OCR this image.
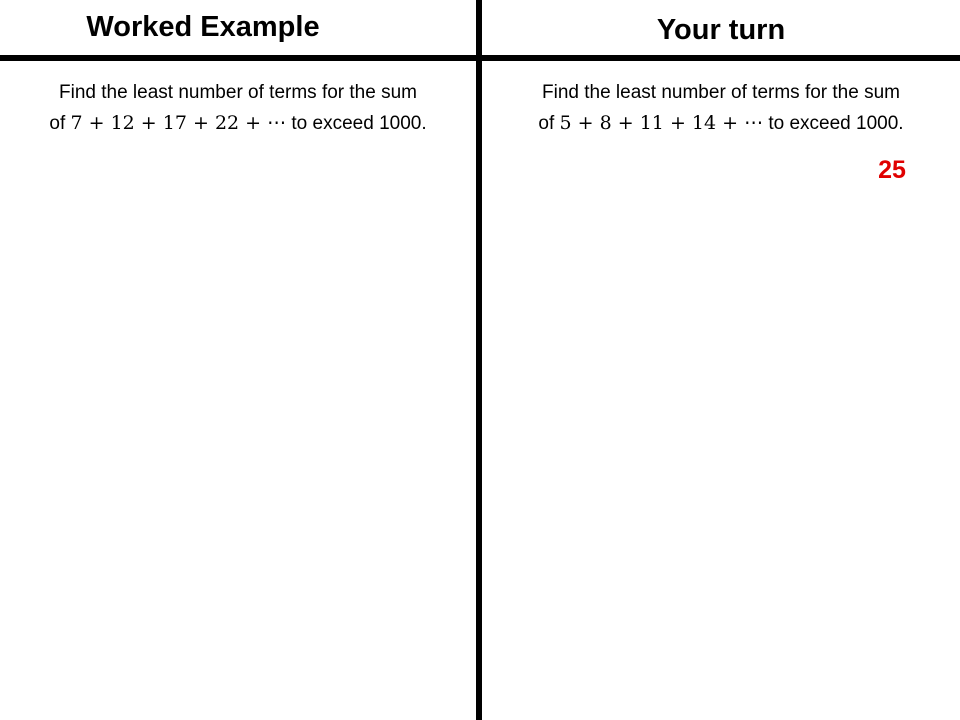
Worked Example	Your turn
Find the least number of terms for the sum
of 7 + 12 + 17 + 22 + ⋯ to exceed 1000.
Find the least number of terms for the sum
of 5 + 8 + 11 + 14 + ⋯ to exceed 1000.
25
